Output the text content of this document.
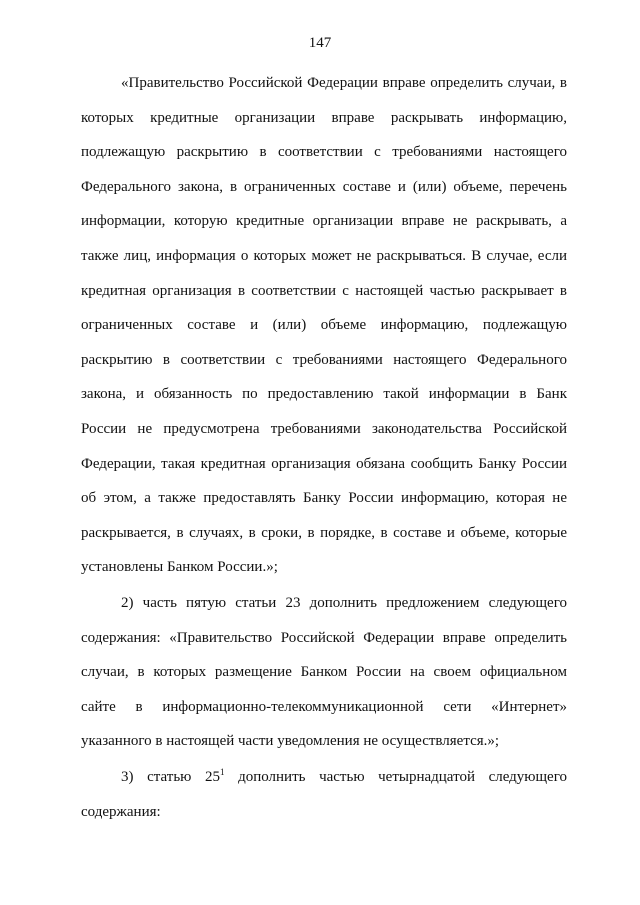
147

«Правительство Российской Федерации вправе определить случаи, в
которых кредитные организации вправе раскрывать информацию,
подлежащую раскрытию в соответствии с требованиями настоящего
Федерального закона, в ограниченных составе и (или) объеме, перечень
информации, которую кредитные организации вправе не раскрывать, а
также лиц, информация о которых может не раскрываться. В случае, если
кредитная организация в соответствии с настоящей частью раскрывает в
ограниченных составе и (или) объеме информацию, подлежащую
раскрытию в соответствии с требованиями настоящего Федерального
закона, и обязанность по предоставлению такой информации в Банк
России не предусмотрена требованиями законодательства Российской
Федерации, такая кредитная организация обязана сообщить Банку России
об этом, а также предоставлять Банку России информацию, которая не
раскрывается, в случаях, в сроки, в порядке, в составе и объеме, которые
установлены Банком России.»;

2) часть пятую статьи 23 дополнить предложением следующего
содержания: «Правительство Российской Федерации вправе определить
случаи, в которых размещение Банком России на своем официальном
сайте в информационно-телекоммуникационной сети «Интернет»
указанного в настоящей части уведомления не осуществляется.»;

3) статью $25^1$ дополнить частью четырнадцатой следующего
содержания:
